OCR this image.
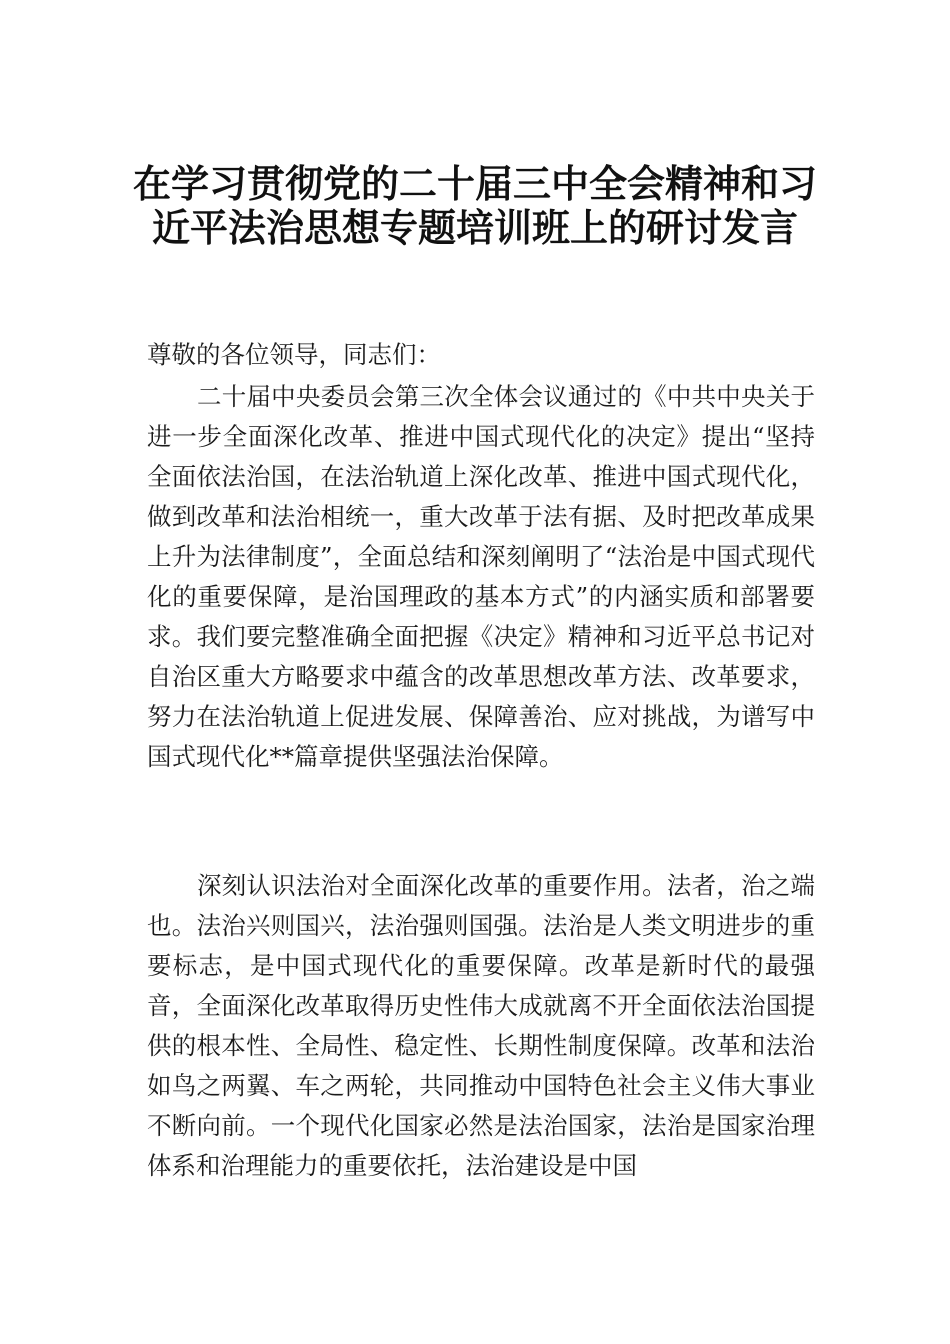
在学习贯彻党的二十届三中全会精神和习
近平法治思想专题培训班上的研讨发言

尊敬的各位领导，同志们：

二十届中央委员会第三次全体会议通过的《中共中央关于进一步全面深化改革、推进中国式现代化的决定》提出“坚持全面依法治国，在法治轨道上深化改革、推进中国式现代化，做到改革和法治相统一，重大改革于法有据、及时把改革成果上升为法律制度”，全面总结和深刻阐明了“法治是中国式现代化的重要保障，是治国理政的基本方式”的内涵实质和部署要求。我们要完整准确全面把握《决定》精神和习近平总书记对自治区重大方略要求中蕴含的改革思想改革方法、改革要求，努力在法治轨道上促进发展、保障善治、应对挑战，为谱写中国式现代化**篇章提供坚强法治保障。

深刻认识法治对全面深化改革的重要作用。法者，治之端也。法治兴则国兴，法治强则国强。法治是人类文明进步的重要标志，是中国式现代化的重要保障。改革是新时代的最强音，全面深化改革取得历史性伟大成就离不开全面依法治国提供的根本性、全局性、稳定性、长期性制度保障。改革和法治如鸟之两翼、车之两轮，共同推动中国特色社会主义伟大事业不断向前。一个现代化国家必然是法治国家，法治是国家治理体系和治理能力的重要依托，法治建设是中国
